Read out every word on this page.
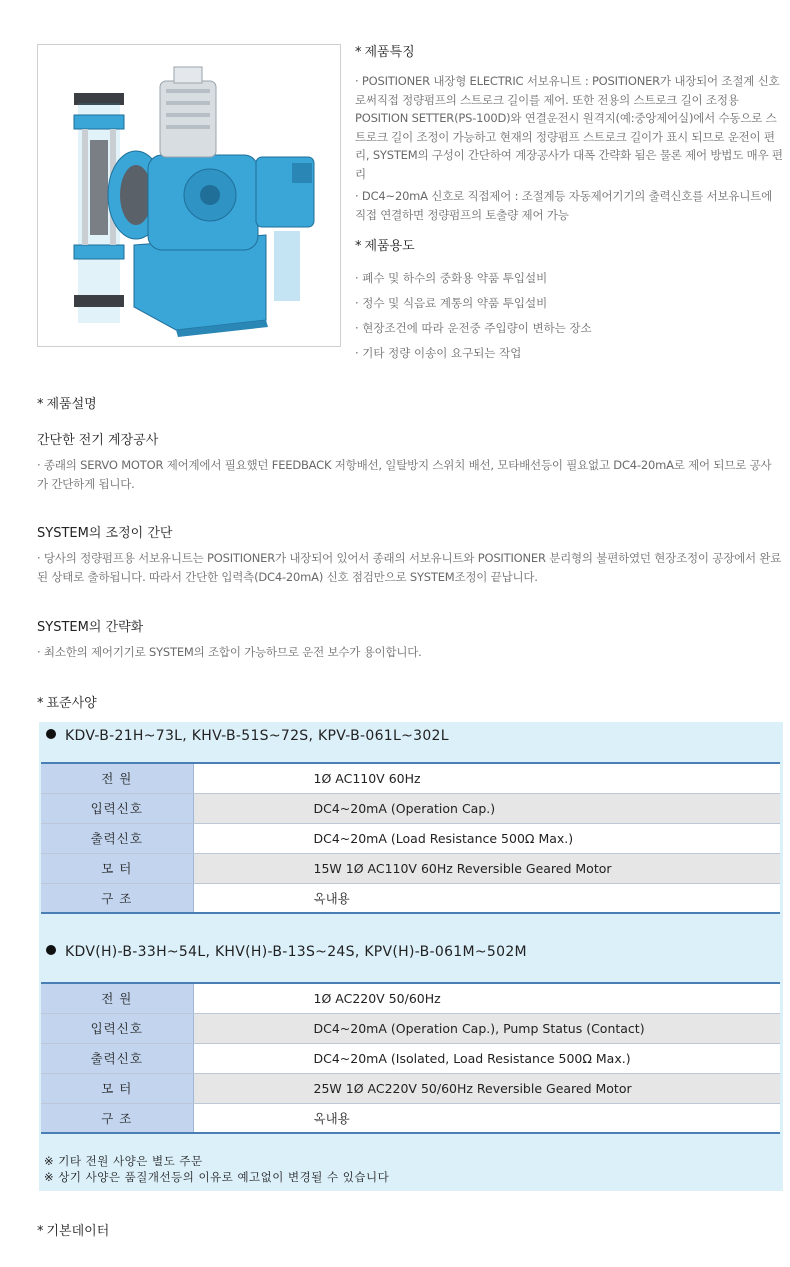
* 제품특징

· POSITIONER 내장형 ELECTRIC 서보유니트 : POSITIONER가 내장되어 조절계 신호로써직접 정량펌프의 스트로크 길이를 제어. 또한 전용의 스트로크 길이 조정용 POSITION SETTER(PS-100D)와 연결운전시 원격지(예:중앙제어실)에서 수동으로 스트로크 길이 조정이 가능하고 현재의 정량펌프 스트로크 길이가 표시 되므로 운전이 편리, SYSTEM의 구성이 간단하여 계장공사가 대폭 간략화 됨은 물론 제어 방법도 매우 편리

· DC4~20mA 신호로 직접제어 : 조절계등 자동제어기기의 출력신호를 서보유니트에 직접 연결하면 정량펌프의 토출량 제어 가능

* 제품용도
· 폐수 및 하수의 중화용 약품 투입설비
· 정수 및 식음료 계통의 약품 투입설비
· 현장조건에 따라 운전중 주입량이 변하는 장소
· 기타 정량 이송이 요구되는 작업
* 제품설명
간단한 전기 계장공사

· 종래의 SERVO MOTOR 제어계에서 필요했던 FEEDBACK 저항배선, 일탈방지 스위치 배선, 모타배선등이 필요없고 DC4-20mA로 제어 되므로 공사가 간단하게 됩니다.

SYSTEM의 조정이 간단

· 당사의 정량펌프용 서보유니트는 POSITIONER가 내장되어 있어서 종래의 서보유니트와 POSITIONER 분리형의 불편하였던 현장조정이 공장에서 완료된 상태로 출하됩니다. 따라서 간단한 입력측(DC4-20mA) 신호 점검만으로 SYSTEM조정이 끝납니다.

SYSTEM의 간략화

· 최소한의 제어기기로 SYSTEM의 조합이 가능하므로 운전 보수가 용이합니다.

* 표준사양
KDV-B-21H~73L, KHV-B-51S~72S, KPV-B-061L~302L
전 원	1Ø AC110V 60Hz
입력신호	DC4~20mA (Operation Cap.)
출력신호	DC4~20mA (Load Resistance 500Ω Max.)
모 터	15W 1Ø AC110V 60Hz Reversible Geared Motor
구 조	옥내용
KDV(H)-B-33H~54L, KHV(H)-B-13S~24S, KPV(H)-B-061M~502M
전 원	1Ø AC220V 50/60Hz
입력신호	DC4~20mA (Operation Cap.), Pump Status (Contact)
출력신호	DC4~20mA (Isolated, Load Resistance 500Ω Max.)
모 터	25W 1Ø AC220V 50/60Hz Reversible Geared Motor
구 조	옥내용
※ 기타 전원 사양은 별도 주문
※ 상기 사양은 품질개선등의 이유로 예고없이 변경될 수 있습니다
* 기본데이터
